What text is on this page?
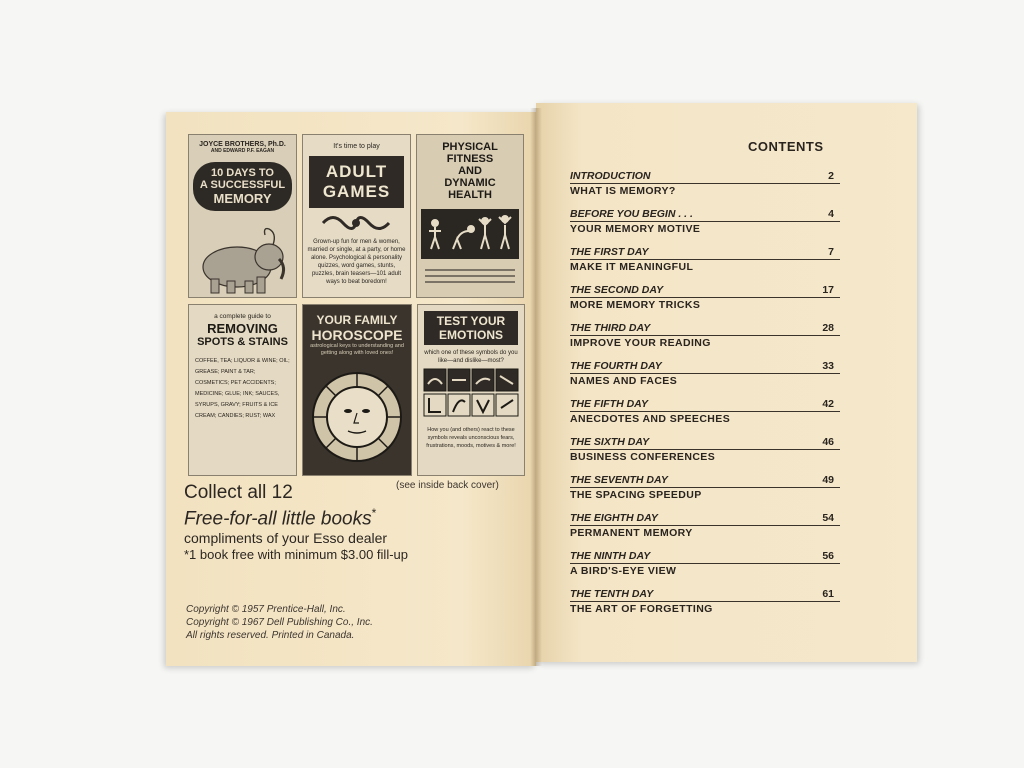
JOYCE BROTHERS, Ph.D.
AND EDWARD P.F. EAGAN
10 DAYS TO
A SUCCESSFUL
MEMORY
It's time to play
ADULT GAMES
Grown-up fun for men & women, married or single, at a party, or home alone. Psychological & personality quizzes, word games, stunts, puzzles, brain teasers—101 adult ways to beat boredom!
PHYSICAL
FITNESS
AND
DYNAMIC
HEALTH
a complete guide to
REMOVING
SPOTS & STAINS
COFFEE, TEA; LIQUOR & WINE; OIL; GREASE; PAINT & TAR; COSMETICS; PET ACCIDENTS; MEDICINE; GLUE; INK; SAUCES, SYRUPS, GRAVY; FRUITS & ICE CREAM; CANDIES; RUST; WAX
YOUR FAMILY
HOROSCOPE
astrological keys to understanding and getting along with loved ones!
TEST YOUR
EMOTIONS
which one of these symbols do you like—and dislike—most?
How you (and others) react to these symbols reveals unconscious fears, frustrations, moods, motives & more!
(see inside back cover)
Collect all 12
Free-for-all little books*
compliments of your Esso dealer
*1 book free with minimum $3.00 fill-up
Copyright © 1957 Prentice-Hall, Inc.
Copyright © 1967 Dell Publishing Co., Inc.
All rights reserved. Printed in Canada.
CONTENTS
INTRODUCTION	2
WHAT IS MEMORY?
BEFORE YOU BEGIN . . .	4
YOUR MEMORY MOTIVE
THE FIRST DAY	7
MAKE IT MEANINGFUL
THE SECOND DAY	17
MORE MEMORY TRICKS
THE THIRD DAY	28
IMPROVE YOUR READING
THE FOURTH DAY	33
NAMES AND FACES
THE FIFTH DAY	42
ANECDOTES AND SPEECHES
THE SIXTH DAY	46
BUSINESS CONFERENCES
THE SEVENTH DAY	49
THE SPACING SPEEDUP
THE EIGHTH DAY	54
PERMANENT MEMORY
THE NINTH DAY	56
A BIRD'S-EYE VIEW
THE TENTH DAY	61
THE ART OF FORGETTING
